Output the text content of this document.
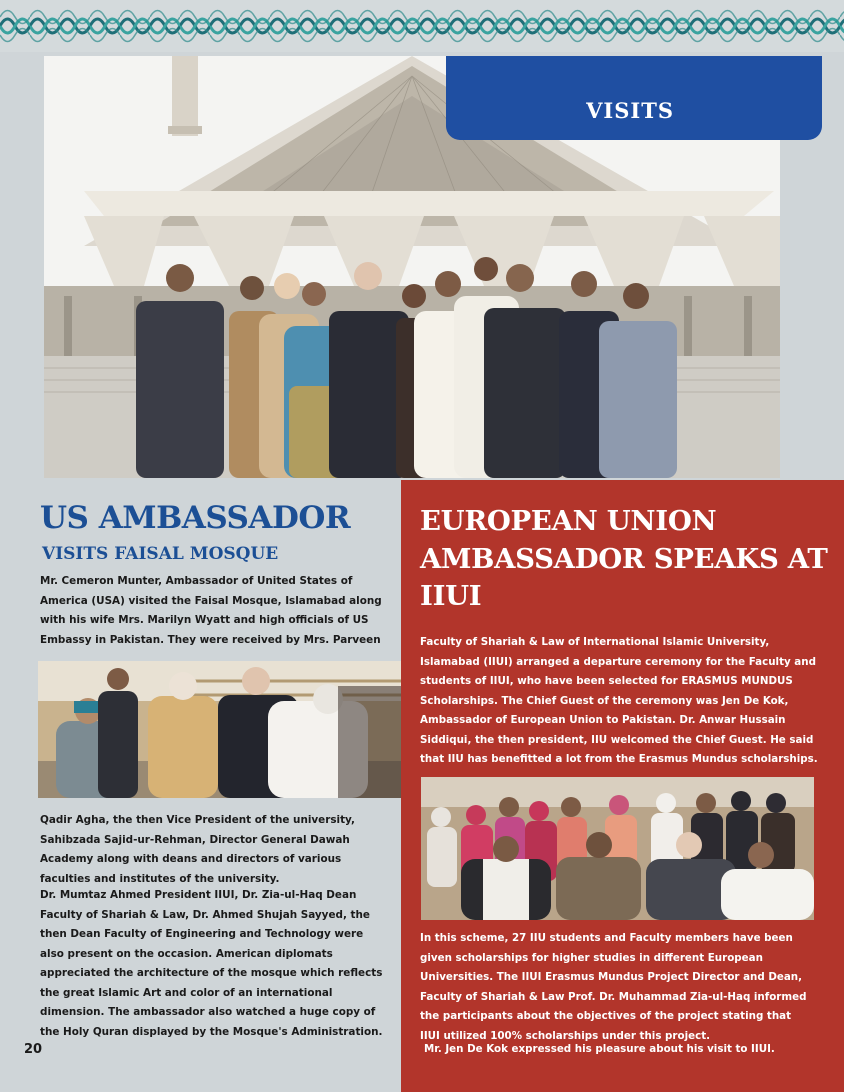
VISITS
US AMBASSADOR
VISITS FAISAL MOSQUE

Mr. Cemeron Munter, Ambassador of United States of America (USA) visited the Faisal Mosque, Islamabad along with his wife Mrs. Marilyn Wyatt and high officials of US Embassy in Pakistan. They were received by Mrs. Parveen

Qadir Agha, the then Vice President of the university, Sahibzada Sajid-ur-Rehman, Director General Dawah Academy along with deans and directors of various faculties and institutes of the university.

Dr. Mumtaz Ahmed President IIUI, Dr. Zia-ul-Haq Dean Faculty of Shariah & Law, Dr. Ahmed Shujah Sayyed, the then Dean Faculty of Engineering and Technology were also present on the occasion. American diplomats appreciated the architecture of the mosque which reflects the great Islamic Art and color of an international dimension. The ambassador also watched a huge copy of the Holy Quran displayed by the Mosque's Administration.

20
EUROPEAN UNION AMBASSADOR SPEAKS AT IIUI

Faculty of Shariah & Law of International Islamic University, Islamabad (IIUI) arranged a departure ceremony for the Faculty and students of IIUI, who have been selected for ERASMUS MUNDUS Scholarships. The Chief Guest of the ceremony was Jen De Kok, Ambassador of European Union to Pakistan. Dr. Anwar Hussain Siddiqui, the then president, IIU welcomed the Chief Guest. He said that IIU has benefitted a lot from the Erasmus Mundus scholarships.

In this scheme, 27 IIU students and Faculty members have been given scholarships for higher studies in different European Universities. The IIUI Erasmus Mundus Project Director and Dean, Faculty of Shariah & Law Prof. Dr. Muhammad Zia-ul-Haq informed the participants about the objectives of the project stating that IIUI utilized 100% scholarships under this project.

Mr. Jen De Kok expressed his pleasure about his visit to IIUI.
